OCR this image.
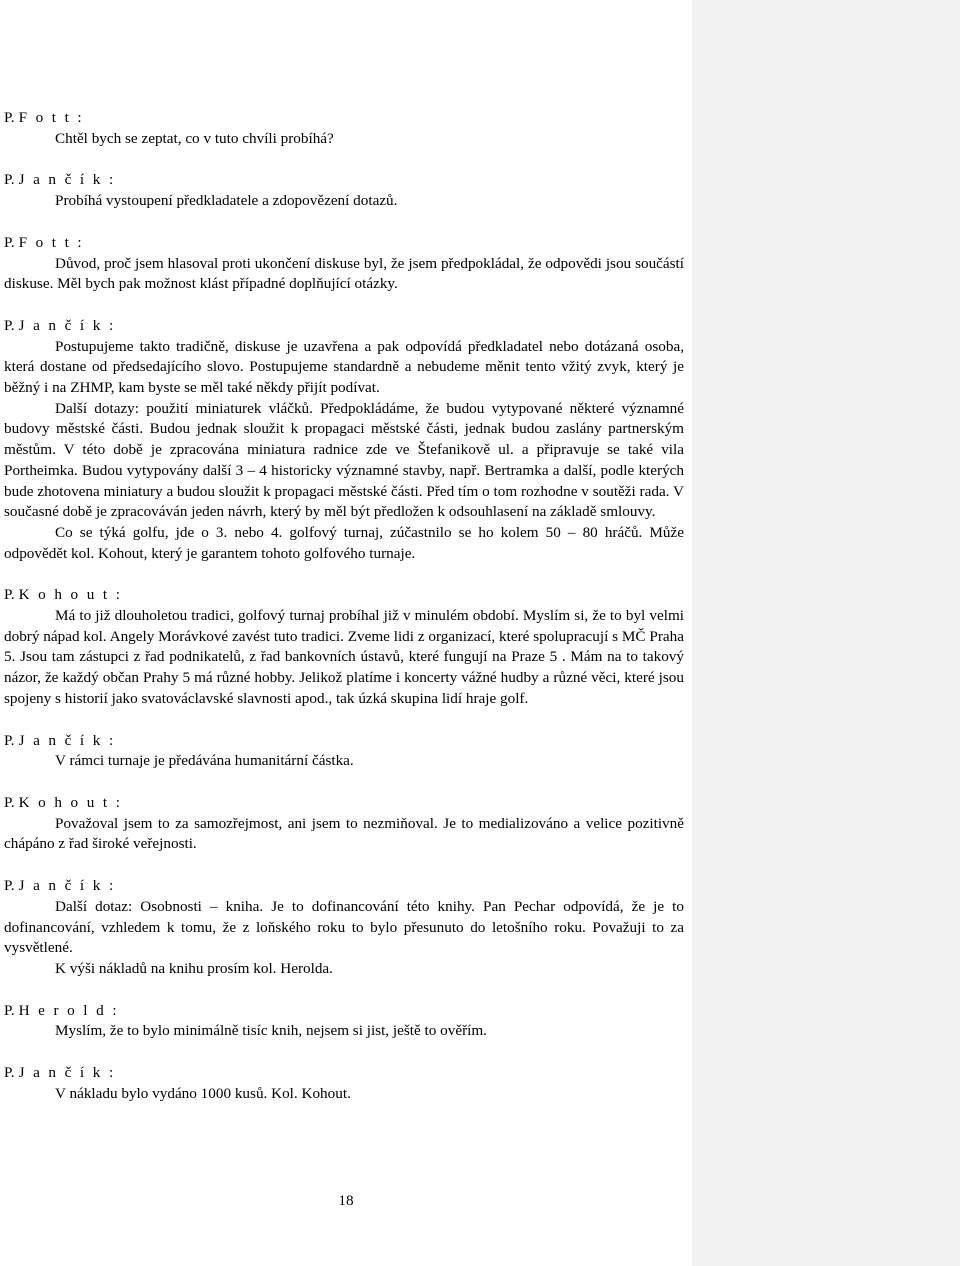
P. F o t t :

Chtěl bych se zeptat, co v tuto chvíli probíhá?

P. J a n č í k :

Probíhá vystoupení předkladatele a zdopovězení dotazů.

P. F o t t :

Důvod, proč jsem hlasoval proti ukončení diskuse byl, že jsem předpokládal, že odpovědi jsou součástí diskuse. Měl bych pak možnost klást případné doplňující otázky.

P. J a n č í k :

Postupujeme takto tradičně, diskuse je uzavřena a pak odpovídá předkladatel nebo dotázaná osoba, která dostane od předsedajícího slovo. Postupujeme standardně a nebudeme měnit tento vžitý zvyk, který je běžný i na ZHMP, kam byste se měl také někdy přijít podívat.

Další dotazy: použití miniaturek vláčků. Předpokládáme, že budou vytypované některé významné budovy městské části. Budou jednak sloužit k propagaci městské části, jednak budou zaslány partnerským městům. V této době je zpracována miniatura radnice zde ve Štefanikově ul. a připravuje se také vila Portheimka. Budou vytypovány další 3 – 4 historicky významné stavby, např. Bertramka a další, podle kterých bude zhotovena miniatury a budou sloužit k propagaci městské části. Před tím o tom rozhodne v soutěži rada. V současné době je zpracováván jeden návrh, který by měl být předložen k odsouhlasení na základě smlouvy.

Co se týká golfu, jde o 3. nebo 4. golfový turnaj, zúčastnilo se ho kolem 50 – 80 hráčů. Může odpovědět kol. Kohout, který je garantem tohoto golfového turnaje.

P. K o h o u t :

Má to již dlouholetou tradici, golfový turnaj probíhal již v minulém období. Myslím si, že to byl velmi dobrý nápad kol. Angely Morávkové zavést tuto tradici. Zveme lidi z organizací, které spolupracují s MČ Praha 5. Jsou tam zástupci z řad podnikatelů, z řad bankovních ústavů, které fungují na Praze 5 . Mám na to takový názor, že každý občan Prahy 5 má různé hobby. Jelikož platíme i koncerty vážné hudby a různé věci, které jsou spojeny s historií jako svatováclavské slavnosti apod., tak úzká skupina lidí hraje golf.

P. J a n č í k :

V rámci turnaje je předávána humanitární částka.

P. K o h o u t :

Považoval jsem to za samozřejmost, ani jsem to nezmiňoval. Je to medializováno a velice pozitivně chápáno z řad široké veřejnosti.

P. J a n č í k :

Další dotaz: Osobnosti – kniha. Je to dofinancování této knihy. Pan Pechar odpovídá, že je to dofinancování, vzhledem k tomu, že z loňského roku to bylo přesunuto do letošního roku. Považuji to za vysvětlené.

K výši nákladů na knihu prosím kol. Herolda.

P. H e r o l d :

Myslím, že to bylo minimálně tisíc knih, nejsem si jist, ještě to ověřím.

P. J a n č í k :

V nákladu bylo vydáno 1000 kusů. Kol. Kohout.

18
